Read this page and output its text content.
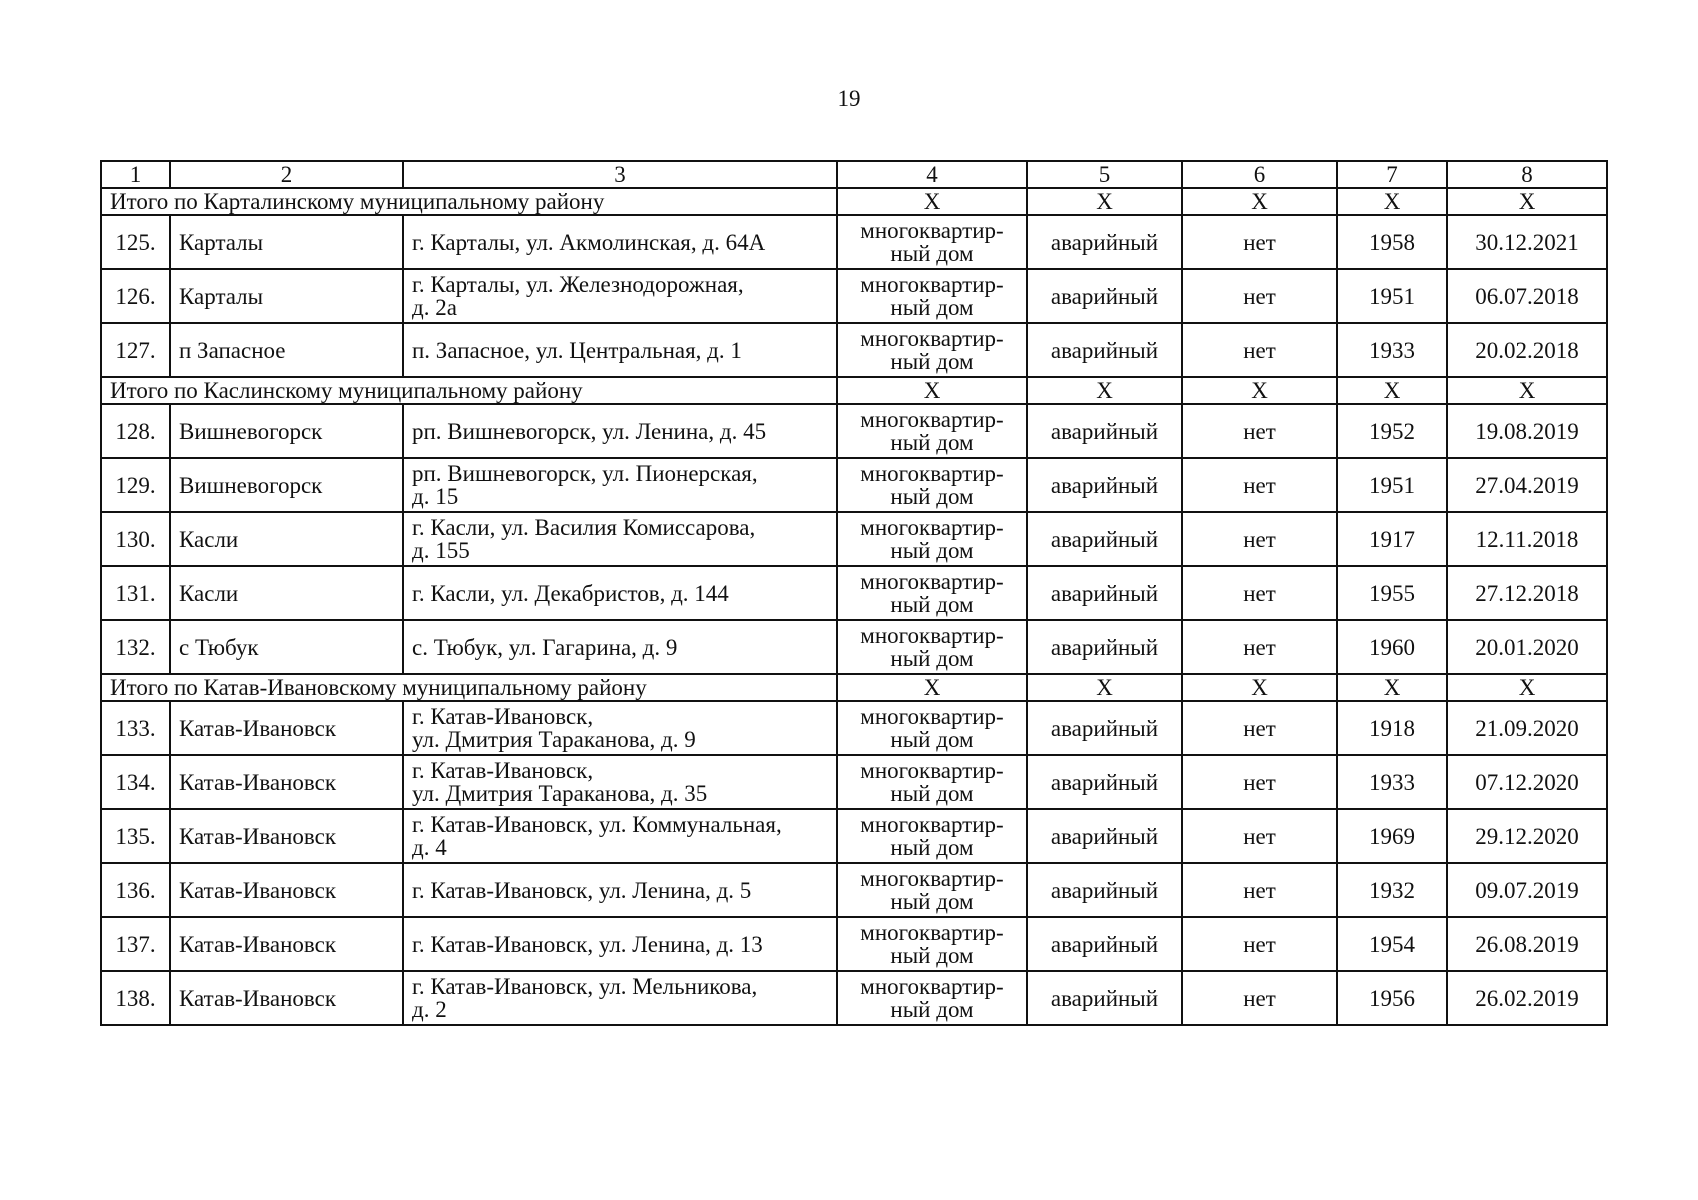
19
1	2	3	4	5	6	7	8
Итого по Карталинскому муниципальному району			X	X	X	X	X
125.	Карталы	г. Карталы, ул. Акмолинская, д. 64А	многоквартир-
ный дом	аварийный	нет	1958	30.12.2021
126.	Карталы	г. Карталы, ул. Железнодорожная,
д. 2а	многоквартир-
ный дом	аварийный	нет	1951	06.07.2018
127.	п Запасное	п. Запасное, ул. Центральная, д. 1	многоквартир-
ный дом	аварийный	нет	1933	20.02.2018
Итого по Каслинскому муниципальному району			X	X	X	X	X
128.	Вишневогорск	рп. Вишневогорск, ул. Ленина, д. 45	многоквартир-
ный дом	аварийный	нет	1952	19.08.2019
129.	Вишневогорск	рп. Вишневогорск, ул. Пионерская,
д. 15	многоквартир-
ный дом	аварийный	нет	1951	27.04.2019
130.	Касли	г. Касли, ул. Василия Комиссарова,
д. 155	многоквартир-
ный дом	аварийный	нет	1917	12.11.2018
131.	Касли	г. Касли, ул. Декабристов, д. 144	многоквартир-
ный дом	аварийный	нет	1955	27.12.2018
132.	с Тюбук	с. Тюбук, ул. Гагарина, д. 9	многоквартир-
ный дом	аварийный	нет	1960	20.01.2020
Итого по Катав-Ивановскому муниципальному району			X	X	X	X	X
133.	Катав-Ивановск	г. Катав-Ивановск,
ул. Дмитрия Тараканова, д. 9	многоквартир-
ный дом	аварийный	нет	1918	21.09.2020
134.	Катав-Ивановск	г. Катав-Ивановск,
ул. Дмитрия Тараканова, д. 35	многоквартир-
ный дом	аварийный	нет	1933	07.12.2020
135.	Катав-Ивановск	г. Катав-Ивановск, ул. Коммунальная,
д. 4	многоквартир-
ный дом	аварийный	нет	1969	29.12.2020
136.	Катав-Ивановск	г. Катав-Ивановск, ул. Ленина, д. 5	многоквартир-
ный дом	аварийный	нет	1932	09.07.2019
137.	Катав-Ивановск	г. Катав-Ивановск, ул. Ленина, д. 13	многоквартир-
ный дом	аварийный	нет	1954	26.08.2019
138.	Катав-Ивановск	г. Катав-Ивановск, ул. Мельникова,
д. 2	многоквартир-
ный дом	аварийный	нет	1956	26.02.2019
